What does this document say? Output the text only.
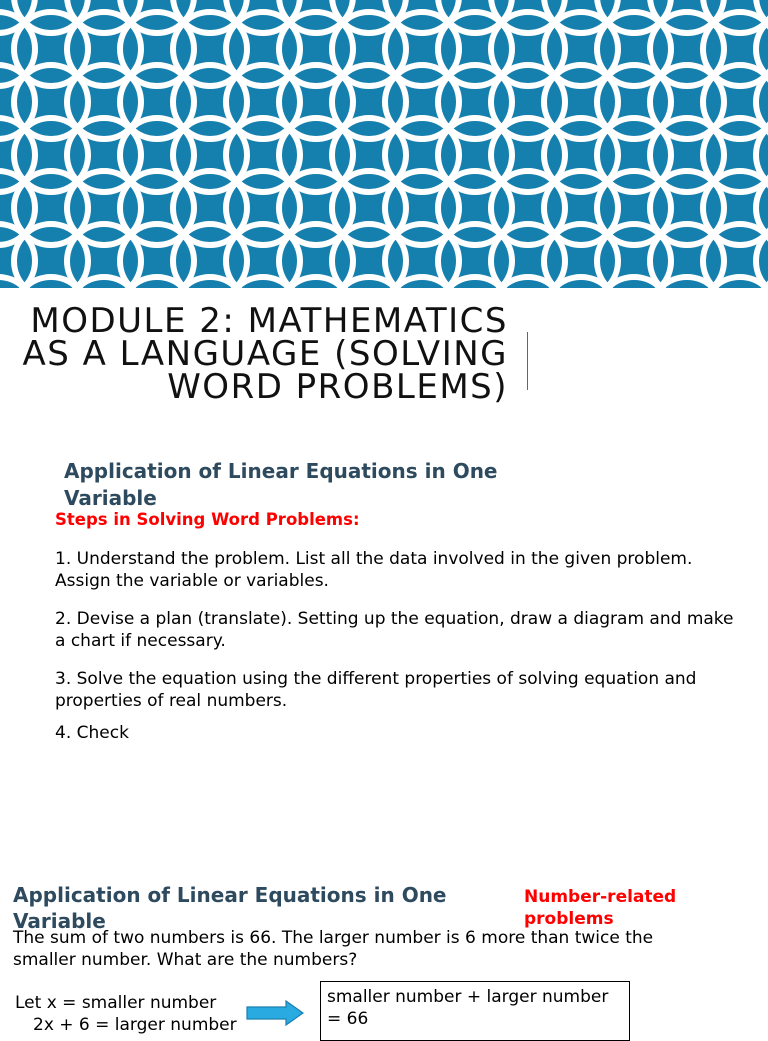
MODULE 2: MATHEMATICS
AS A LANGUAGE (SOLVING
WORD PROBLEMS)
Application of Linear Equations in One Variable
Steps in Solving Word Problems:
1. Understand the problem. List all the data involved in the given problem. Assign the variable or variables.
2. Devise a plan (translate). Setting up the equation, draw a diagram and make a chart if necessary.
3. Solve the equation using the different properties of solving equation and properties of real numbers.
4. Check
Application of Linear Equations in One Variable
Number-related problems
The sum of two numbers is 66. The larger number is 6 more than twice the smaller number. What are the numbers?
Let x = smaller number
2x + 6 = larger number
smaller number + larger number = 66
